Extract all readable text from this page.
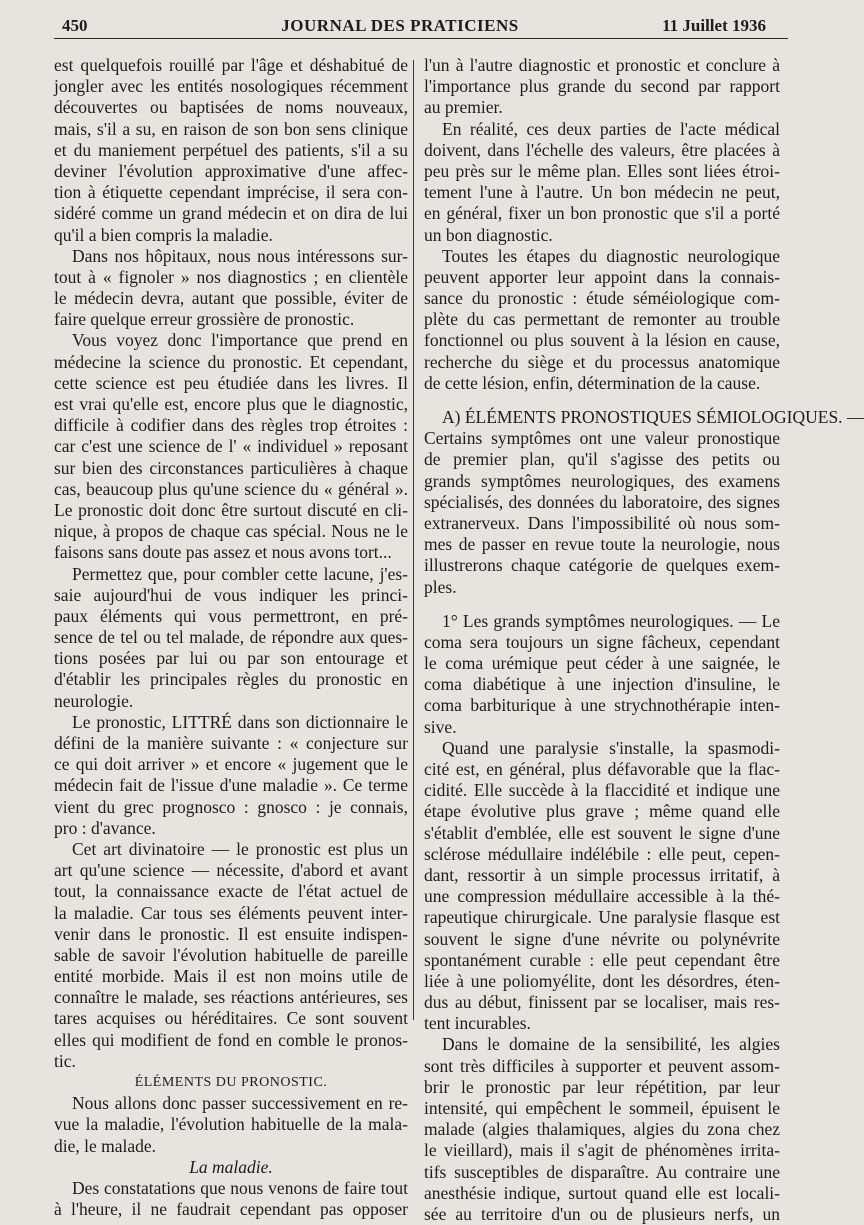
450	JOURNAL DES PRATICIENS	11 Juillet 1936
est quelquefois rouillé par l'âge et déshabitué de
jongler avec les entités nosologiques récemment
découvertes ou baptisées de noms nouveaux,
mais, s'il a su, en raison de son bon sens clinique
et du maniement perpétuel des patients, s'il a su
deviner l'évolution approximative d'une affec-
tion à étiquette cependant imprécise, il sera con-
sidéré comme un grand médecin et on dira de lui
qu'il a bien compris la maladie.
Dans nos hôpitaux, nous nous intéressons sur-
tout à « fignoler » nos diagnostics ; en clientèle
le médecin devra, autant que possible, éviter de
faire quelque erreur grossière de pronostic.
Vous voyez donc l'importance que prend en
médecine la science du pronostic. Et cependant,
cette science est peu étudiée dans les livres. Il
est vrai qu'elle est, encore plus que le diagnostic,
difficile à codifier dans des règles trop étroites :
car c'est une science de l' « individuel » reposant
sur bien des circonstances particulières à chaque
cas, beaucoup plus qu'une science du « général ».
Le pronostic doit donc être surtout discuté en cli-
nique, à propos de chaque cas spécial. Nous ne le
faisons sans doute pas assez et nous avons tort...
Permettez que, pour combler cette lacune, j'es-
saie aujourd'hui de vous indiquer les princi-
paux éléments qui vous permettront, en pré-
sence de tel ou tel malade, de répondre aux ques-
tions posées par lui ou par son entourage et
d'établir les principales règles du pronostic en
neurologie.
Le pronostic, LITTRÉ dans son dictionnaire le
défini de la manière suivante : « conjecture sur
ce qui doit arriver » et encore « jugement que le
médecin fait de l'issue d'une maladie ». Ce terme
vient du grec prognosco : gnosco : je connais,
pro : d'avance.
Cet art divinatoire — le pronostic est plus un
art qu'une science — nécessite, d'abord et avant
tout, la connaissance exacte de l'état actuel de
la maladie. Car tous ses éléments peuvent inter-
venir dans le pronostic. Il est ensuite indispen-
sable de savoir l'évolution habituelle de pareille
entité morbide. Mais il est non moins utile de
connaître le malade, ses réactions antérieures, ses
tares acquises ou héréditaires. Ce sont souvent
elles qui modifient de fond en comble le pronos-
tic.
ÉLÉMENTS DU PRONOSTIC.
Nous allons donc passer successivement en re-
vue la maladie, l'évolution habituelle de la mala-
die, le malade.
La maladie.
Des constatations que nous venons de faire tout
à l'heure, il ne faudrait cependant pas opposer
l'un à l'autre diagnostic et pronostic et conclure à
l'importance plus grande du second par rapport
au premier.
En réalité, ces deux parties de l'acte médical
doivent, dans l'échelle des valeurs, être placées à
peu près sur le même plan. Elles sont liées étroi-
tement l'une à l'autre. Un bon médecin ne peut,
en général, fixer un bon pronostic que s'il a porté
un bon diagnostic.
Toutes les étapes du diagnostic neurologique
peuvent apporter leur appoint dans la connais-
sance du pronostic : étude séméiologique com-
plète du cas permettant de remonter au trouble
fonctionnel ou plus souvent à la lésion en cause,
recherche du siège et du processus anatomique
de cette lésion, enfin, détermination de la cause.
A) ÉLÉMENTS PRONOSTIQUES SÉMIOLOGIQUES. —
Certains symptômes ont une valeur pronostique
de premier plan, qu'il s'agisse des petits ou
grands symptômes neurologiques, des examens
spécialisés, des données du laboratoire, des signes
extranerveux. Dans l'impossibilité où nous som-
mes de passer en revue toute la neurologie, nous
illustrerons chaque catégorie de quelques exem-
ples.
1° Les grands symptômes neurologiques. — Le
coma sera toujours un signe fâcheux, cependant
le coma urémique peut céder à une saignée, le
coma diabétique à une injection d'insuline, le
coma barbiturique à une strychnothérapie inten-
sive.
Quand une paralysie s'installe, la spasmodi-
cité est, en général, plus défavorable que la flac-
cidité. Elle succède à la flaccidité et indique une
étape évolutive plus grave ; même quand elle
s'établit d'emblée, elle est souvent le signe d'une
sclérose médullaire indélébile : elle peut, cepen-
dant, ressortir à un simple processus irritatif, à
une compression médullaire accessible à la thé-
rapeutique chirurgicale. Une paralysie flasque est
souvent le signe d'une névrite ou polynévrite
spontanément curable : elle peut cependant être
liée à une poliomyélite, dont les désordres, éten-
dus au début, finissent par se localiser, mais res-
tent incurables.
Dans le domaine de la sensibilité, les algies
sont très difficiles à supporter et peuvent assom-
brir le pronostic par leur répétition, par leur
intensité, qui empêchent le sommeil, épuisent le
malade (algies thalamiques, algies du zona chez
le vieillard), mais il s'agit de phénomènes irrita-
tifs susceptibles de disparaître. Au contraire une
anesthésie indique, surtout quand elle est locali-
sée au territoire d'un ou de plusieurs nerfs, un
